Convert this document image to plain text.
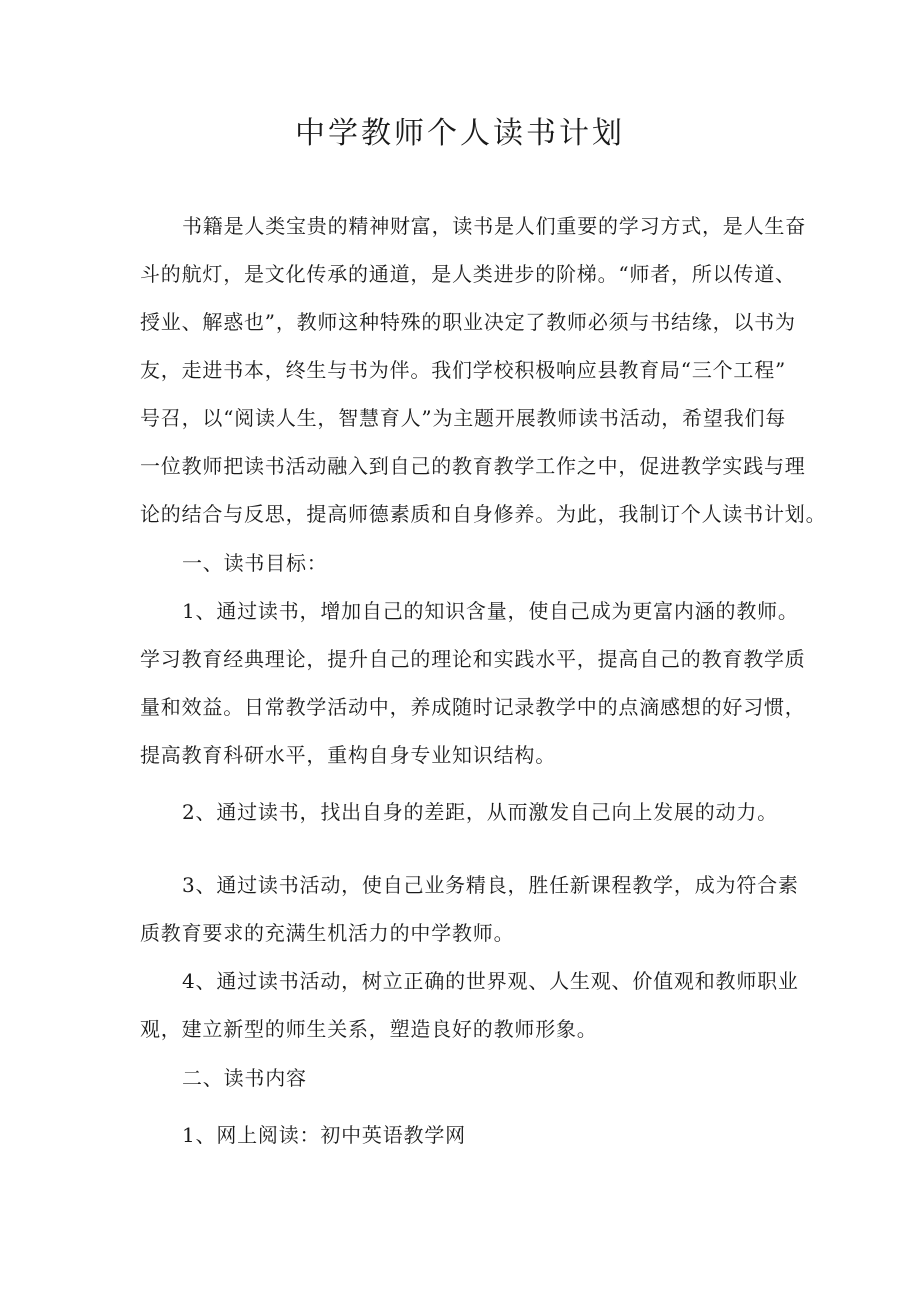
中学教师个人读书计划
书籍是人类宝贵的精神财富，读书是人们重要的学习方式，是人生奋
斗的航灯，是文化传承的通道，是人类进步的阶梯。“师者，所以传道、
授业、解惑也”，教师这种特殊的职业决定了教师必须与书结缘，以书为
友，走进书本，终生与书为伴。我们学校积极响应县教育局“三个工程”
号召，以“阅读人生，智慧育人”为主题开展教师读书活动，希望我们每
一位教师把读书活动融入到自己的教育教学工作之中，促进教学实践与理
论的结合与反思，提高师德素质和自身修养。为此，我制订个人读书计划。
一、读书目标：
1、通过读书，增加自己的知识含量，使自己成为更富内涵的教师。
学习教育经典理论，提升自己的理论和实践水平，提高自己的教育教学质
量和效益。日常教学活动中，养成随时记录教学中的点滴感想的好习惯，
提高教育科研水平，重构自身专业知识结构。
2、通过读书，找出自身的差距，从而激发自己向上发展的动力。
3、通过读书活动，使自己业务精良，胜任新课程教学，成为符合素
质教育要求的充满生机活力的中学教师。
4、通过读书活动，树立正确的世界观、人生观、价值观和教师职业
观，建立新型的师生关系，塑造良好的教师形象。
二、读书内容
1、网上阅读：初中英语教学网
